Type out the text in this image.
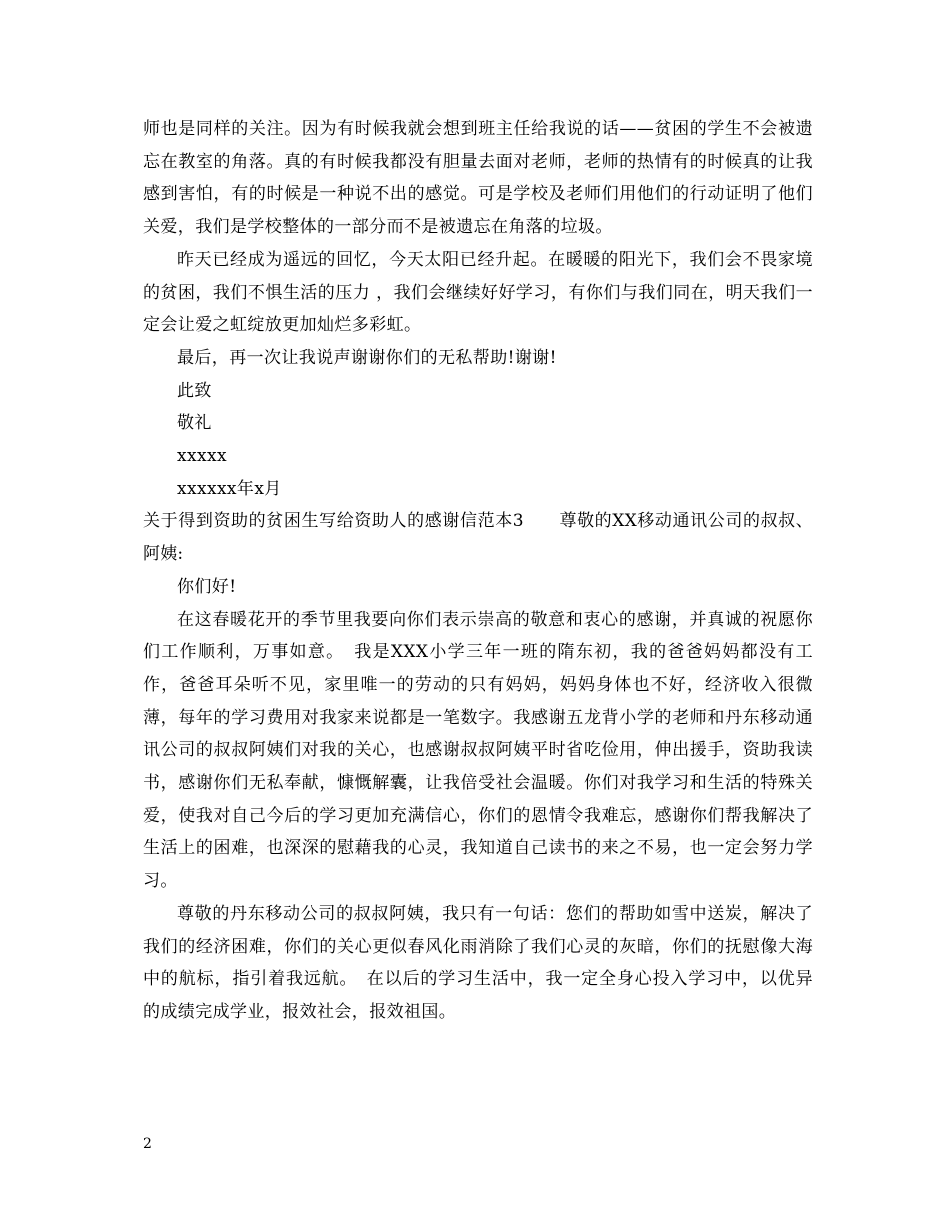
师也是同样的关注。因为有时候我就会想到班主任给我说的话——贫困的学生不会被遗忘在教室的角落。真的有时候我都没有胆量去面对老师，老师的热情有的时候真的让我感到害怕，有的时候是一种说不出的感觉。可是学校及老师们用他们的行动证明了他们关爱，我们是学校整体的一部分而不是被遗忘在角落的垃圾。

昨天已经成为遥远的回忆，今天太阳已经升起。在暖暖的阳光下，我们会不畏家境的贫困，我们不惧生活的压力 ，我们会继续好好学习，有你们与我们同在，明天我们一定会让爱之虹绽放更加灿烂多彩虹。

最后，再一次让我说声谢谢你们的无私帮助!谢谢!

此致

敬礼

xxxxx

xxxxxx年x月

关于得到资助的贫困生写给资助人的感谢信范本3　　尊敬的XX移动通讯公司的叔叔、阿姨:

你们好!

在这春暖花开的季节里我要向你们表示崇高的敬意和衷心的感谢，并真诚的祝愿你们工作顺利，万事如意。　我是XXX小学三年一班的隋东初，我的爸爸妈妈都没有工作，爸爸耳朵听不见，家里唯一的劳动的只有妈妈，妈妈身体也不好，经济收入很微薄，每年的学习费用对我家来说都是一笔数字。我感谢五龙背小学的老师和丹东移动通讯公司的叔叔阿姨们对我的关心，也感谢叔叔阿姨平时省吃俭用，伸出援手，资助我读书，感谢你们无私奉献，慷慨解囊，让我倍受社会温暖。你们对我学习和生活的特殊关爱，使我对自己今后的学习更加充满信心，你们的恩情令我难忘，感谢你们帮我解决了生活上的困难，也深深的慰藉我的心灵，我知道自己读书的来之不易，也一定会努力学习。

尊敬的丹东移动公司的叔叔阿姨，我只有一句话：您们的帮助如雪中送炭，解决了我们的经济困难，你们的关心更似春风化雨消除了我们心灵的灰暗，你们的抚慰像大海中的航标，指引着我远航。　在以后的学习生活中，我一定全身心投入学习中，以优异的成绩完成学业，报效社会，报效祖国。

2
